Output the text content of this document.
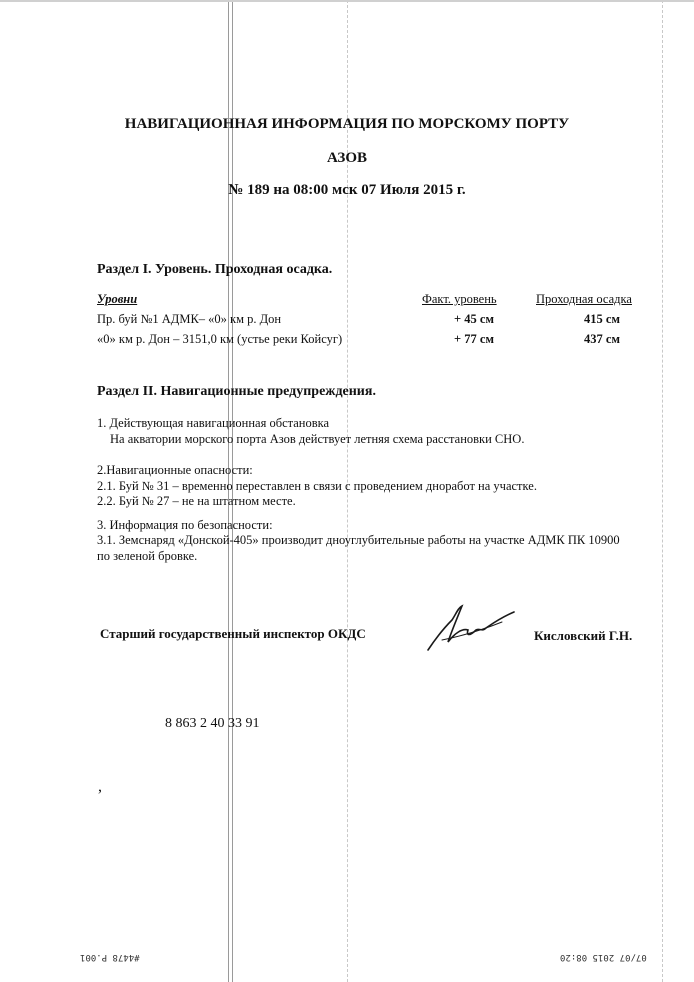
НАВИГАЦИОННАЯ ИНФОРМАЦИЯ ПО МОРСКОМУ ПОРТУ
АЗОВ
№ 189 на 08:00 мск 07 Июля 2015 г.
Раздел I. Уровень. Проходная осадка.
Уровни	Факт. уровень	Проходная осадка
Пр. буй №1 АДМК– «0» км р. Дон	+ 45 см	415 см
«0» км р. Дон – 3151,0 км (устье реки Койсуг)	+ 77 см	437 см
Раздел II. Навигационные предупреждения.
1. Действующая навигационная обстановка
На акватории морского порта Азов действует летняя схема расстановки СНО.
2.Навигационные опасности:
2.1. Буй № 31 – временно переставлен в связи с проведением дноработ на участке.
2.2. Буй № 27 – не на штатном месте.
3. Информация по безопасности:
3.1. Земснаряд «Донской-405» производит дноуглубительные работы на участке АДМК ПК 10900
по зеленой бровке.
Старший государственный инспектор ОКДС	Кисловский Г.Н.
8 863 2 40 33 91
,
#4478 P.001	07/07 2015 08:20
